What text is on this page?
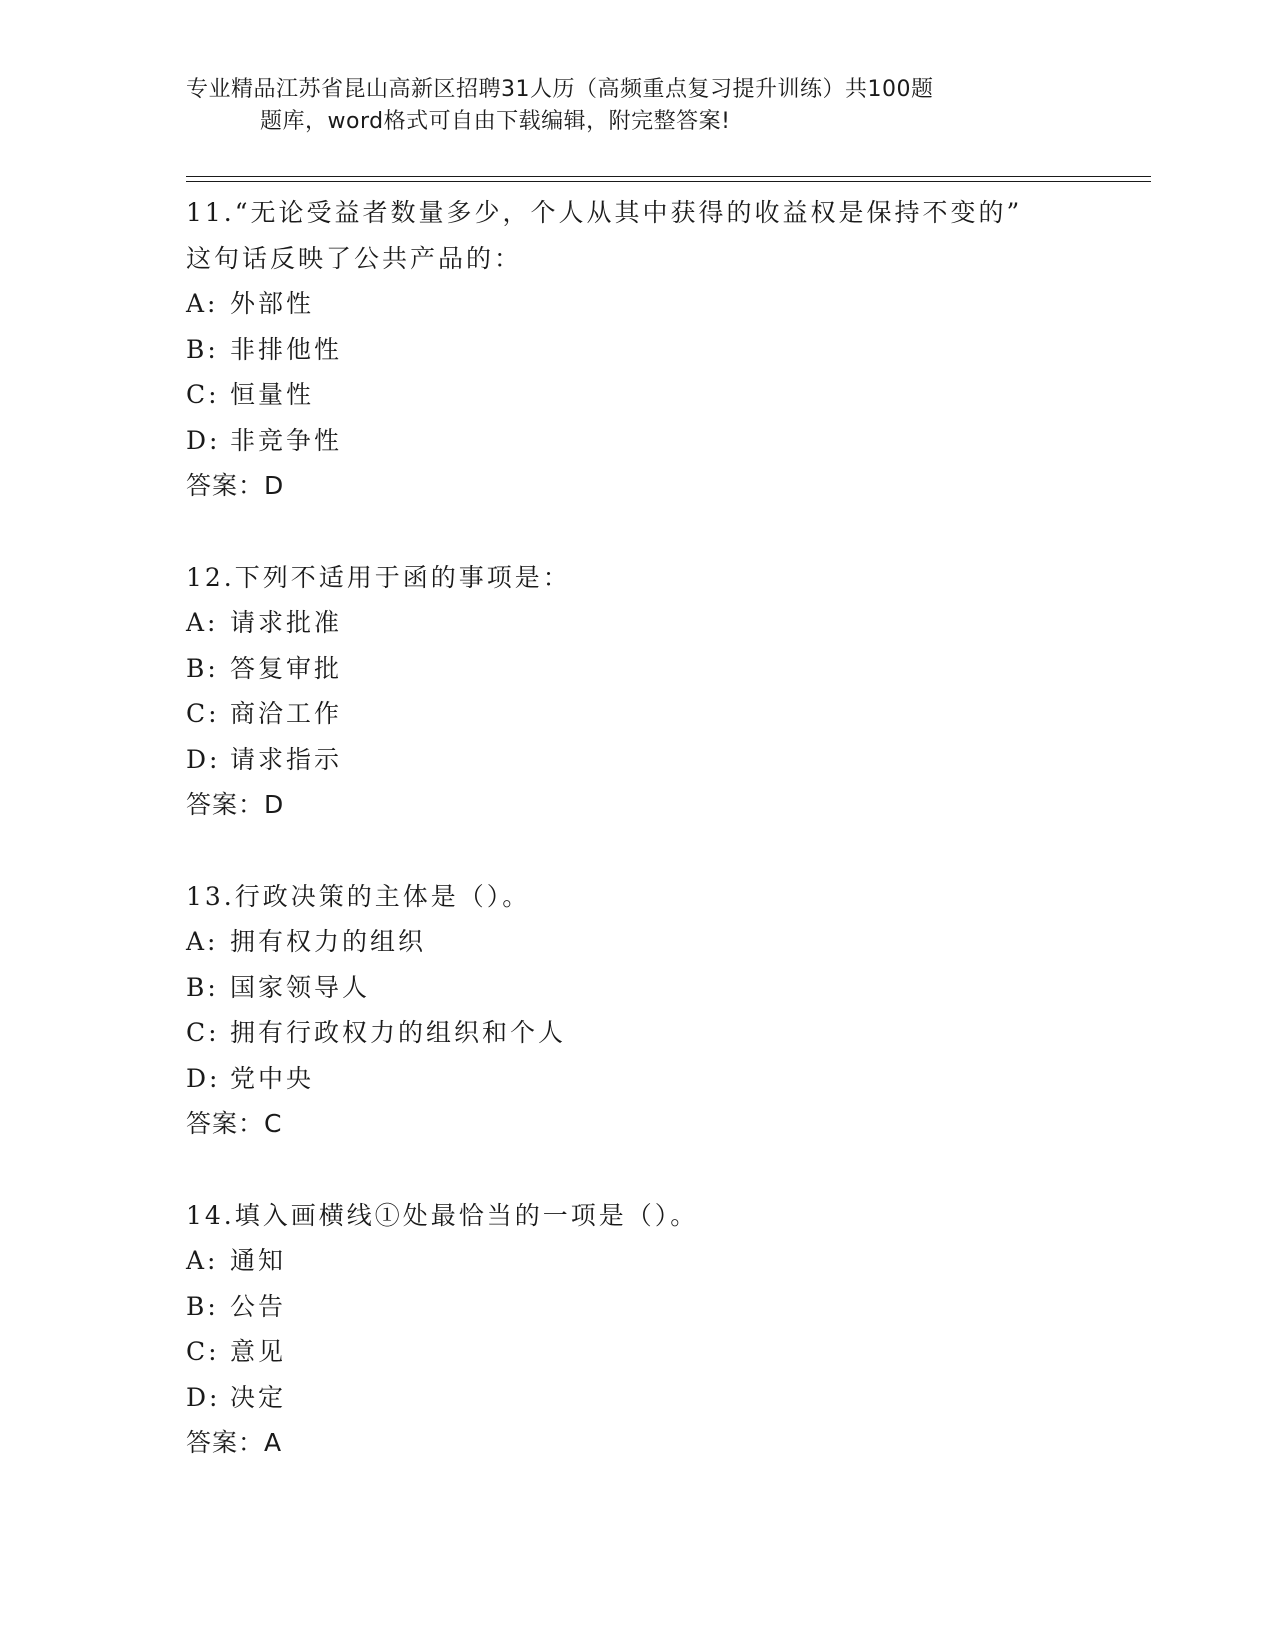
专业精品江苏省昆山高新区招聘31人历（高频重点复习提升训练）共100题
题库，word格式可自由下载编辑，附完整答案!
11.“无论受益者数量多少，个人从其中获得的收益权是保持不变的”
这句话反映了公共产品的：
A: 外部性
B: 非排他性
C: 恒量性
D: 非竞争性
答案：D
12.下列不适用于函的事项是：
A: 请求批准
B: 答复审批
C: 商洽工作
D: 请求指示
答案：D
13.行政决策的主体是（）。
A: 拥有权力的组织
B: 国家领导人
C: 拥有行政权力的组织和个人
D: 党中央
答案：C
14.填入画横线①处最恰当的一项是（）。
A: 通知
B: 公告
C: 意见
D: 决定
答案：A
